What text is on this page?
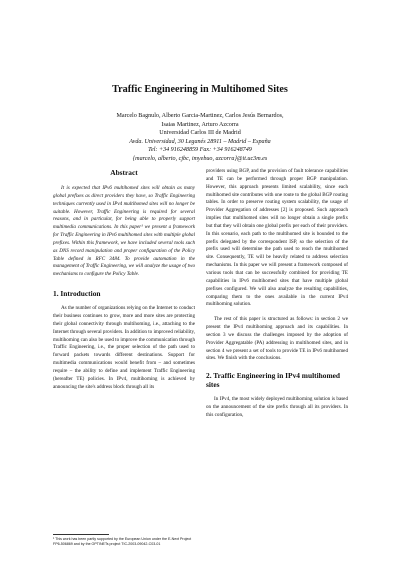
Traffic Engineering in Multihomed Sites
Marcelo Bagnulo, Alberto Garcia-Martinez, Carlos Jesús Bernardos,
Isaias Martinez, Arturo Azcorra
Universidad Carlos III de Madrid
Avda. Universidad, 30 Leganés 28911 – Madrid – España
Tel: +34 916248859 Fax: +34 916248749
{marcelo, alberto, cjbc, imyebuo, azcorra}@it.uc3m.es
Abstract

It is expected that IPv6 multihomed sites will obtain as many global prefixes as direct providers they have, so Traffic Engineering techniques currently used in IPv4 multihomed sites will no longer be suitable. However, Traffic Engineering is required for several reasons, and in particular, for being able to properly support multimedia communications. In this paper¹ we present a framework for Traffic Engineering in IPv6 multihomed sites with multiple global prefixes. Within this framework, we have included several tools such as DNS record manipulation and proper configuration of the Policy Table defined in RFC 3484. To provide automation in the management of Traffic Engineering, we will analyze the usage of two mechanisms to configure the Policy Table.

1. Introduction

As the number of organizations relying on the Internet to conduct their business continues to grow, more and more sites are protecting their global connectivity through multihoming, i.e., attaching to the Internet through several providers. In addition to improved reliability, multihoming can also be used to improve the communication through Traffic Engineering, i.e., the proper selection of the path used to forward packets towards different destinations. Support for multimedia communications would benefit from – and sometimes require – the ability to define and implement Traffic Engineering (hereafter TE) policies. In IPv4, multihoming is achieved by announcing the site's address block through all its

providers using BGP, and the provision of fault tolerance capabilities and TE can be performed through proper BGP manipulation. However, this approach presents limited scalability, since each multihomed site contributes with one route to the global BGP routing tables. In order to preserve routing system scalability, the usage of Provider Aggregation of addresses [2] is proposed. Such approach implies that multihomed sites will no longer obtain a single prefix but that they will obtain one global prefix per each of their providers. In this scenario, each path to the multihomed site is bounded to the prefix delegated by the correspondent ISP, so the selection of the prefix used will determine the path used to reach the multihomed site. Consequently, TE will be heavily related to address selection mechanisms. In this paper we will present a framework composed of various tools that can be successfully combined for providing TE capabilities in IPv6 multihomed sites that have multiple global prefixes configured. We will also analyze the resulting capabilities, comparing them to the ones available in the current IPv4 multihoming solution.

The rest of this paper is structured as follows: in section 2 we present the IPv4 multihoming approach and its capabilities. In section 3 we discuss the challenges imposed by the adoption of Provider Aggregatable (PA) addressing in multihomed sites, and in section 4 we present a set of tools to provide TE in IPv6 multihomed sites. We finish with the conclusions.

2. Traffic Engineering in IPv4 multihomed sites

In IPv4, the most widely deployed multihoming solution is based on the announcement of the site prefix through all its providers. In this configuration,

¹ This work has been partly supported by the European Union under the E-Next Project FP6-506869 and by the OPTINETs project TIC-2003-09042-C03-01
